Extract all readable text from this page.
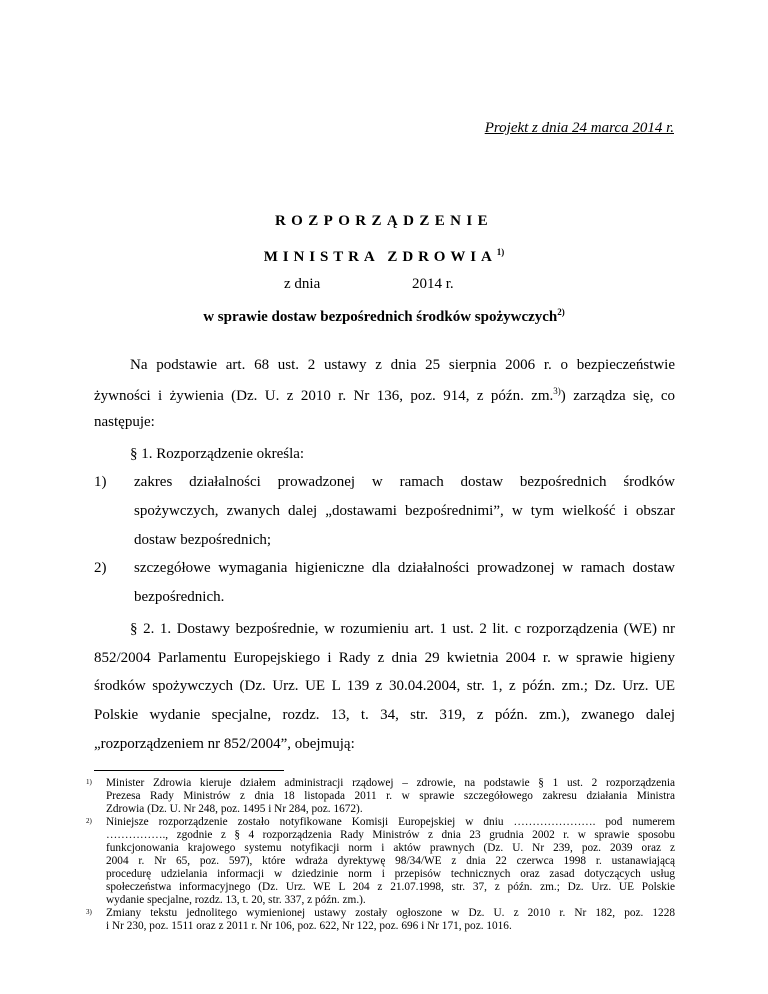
Projekt z dnia 24 marca 2014 r.
ROZPORZĄDZENIE
MINISTRA ZDROWIA$^{1)}$
z dnia	2014 r.
w sprawie dostaw bezpośrednich środków spożywczych$^{2)}$
Na podstawie art. 68 ust. 2 ustawy z dnia 25 sierpnia 2006 r. o bezpieczeństwie
żywności i żywienia (Dz. U. z 2010 r. Nr 136, poz. 914, z późn. zm.$^{3)}$) zarządza się, co
następuje:
§ 1. Rozporządzenie określa:
1) zakres działalności prowadzonej w ramach dostaw bezpośrednich środków
spożywczych, zwanych dalej „dostawami bezpośrednimi”, w tym wielkość i obszar
dostaw bezpośrednich;
2) szczegółowe wymagania higieniczne dla działalności prowadzonej w ramach dostaw
bezpośrednich.
§ 2. 1. Dostawy bezpośrednie, w rozumieniu art. 1 ust. 2 lit. c rozporządzenia (WE) nr
852/2004 Parlamentu Europejskiego i Rady z dnia 29 kwietnia 2004 r. w sprawie higieny
środków spożywczych (Dz. Urz. UE L 139 z 30.04.2004, str. 1, z późn. zm.; Dz. Urz. UE
Polskie wydanie specjalne, rozdz. 13, t. 34, str. 319, z późn. zm.), zwanego dalej
„rozporządzeniem nr 852/2004”, obejmują:
1) Minister Zdrowia kieruje działem administracji rządowej – zdrowie, na podstawie § 1 ust. 2 rozporządzenia
Prezesa Rady Ministrów z dnia 18 listopada 2011 r. w sprawie szczegółowego zakresu działania Ministra
Zdrowia (Dz. U. Nr 248, poz. 1495 i Nr 284, poz. 1672).
2) Niniejsze rozporządzenie zostało notyfikowane Komisji Europejskiej w dniu …………………. pod numerem
……………., zgodnie z § 4 rozporządzenia Rady Ministrów z dnia 23 grudnia 2002 r. w sprawie sposobu
funkcjonowania krajowego systemu notyfikacji norm i aktów prawnych (Dz. U. Nr 239, poz. 2039 oraz z
2004 r. Nr 65, poz. 597), które wdraża dyrektywę 98/34/WE z dnia 22 czerwca 1998 r. ustanawiającą
procedurę udzielania informacji w dziedzinie norm i przepisów technicznych oraz zasad dotyczących usług
społeczeństwa informacyjnego (Dz. Urz. WE L 204 z 21.07.1998, str. 37, z późn. zm.; Dz. Urz. UE Polskie
wydanie specjalne, rozdz. 13, t. 20, str. 337, z późn. zm.).
3) Zmiany tekstu jednolitego wymienionej ustawy zostały ogłoszone w Dz. U. z 2010 r. Nr 182, poz. 1228
i Nr 230, poz. 1511 oraz z 2011 r. Nr 106, poz. 622, Nr 122, poz. 696 i Nr 171, poz. 1016.
